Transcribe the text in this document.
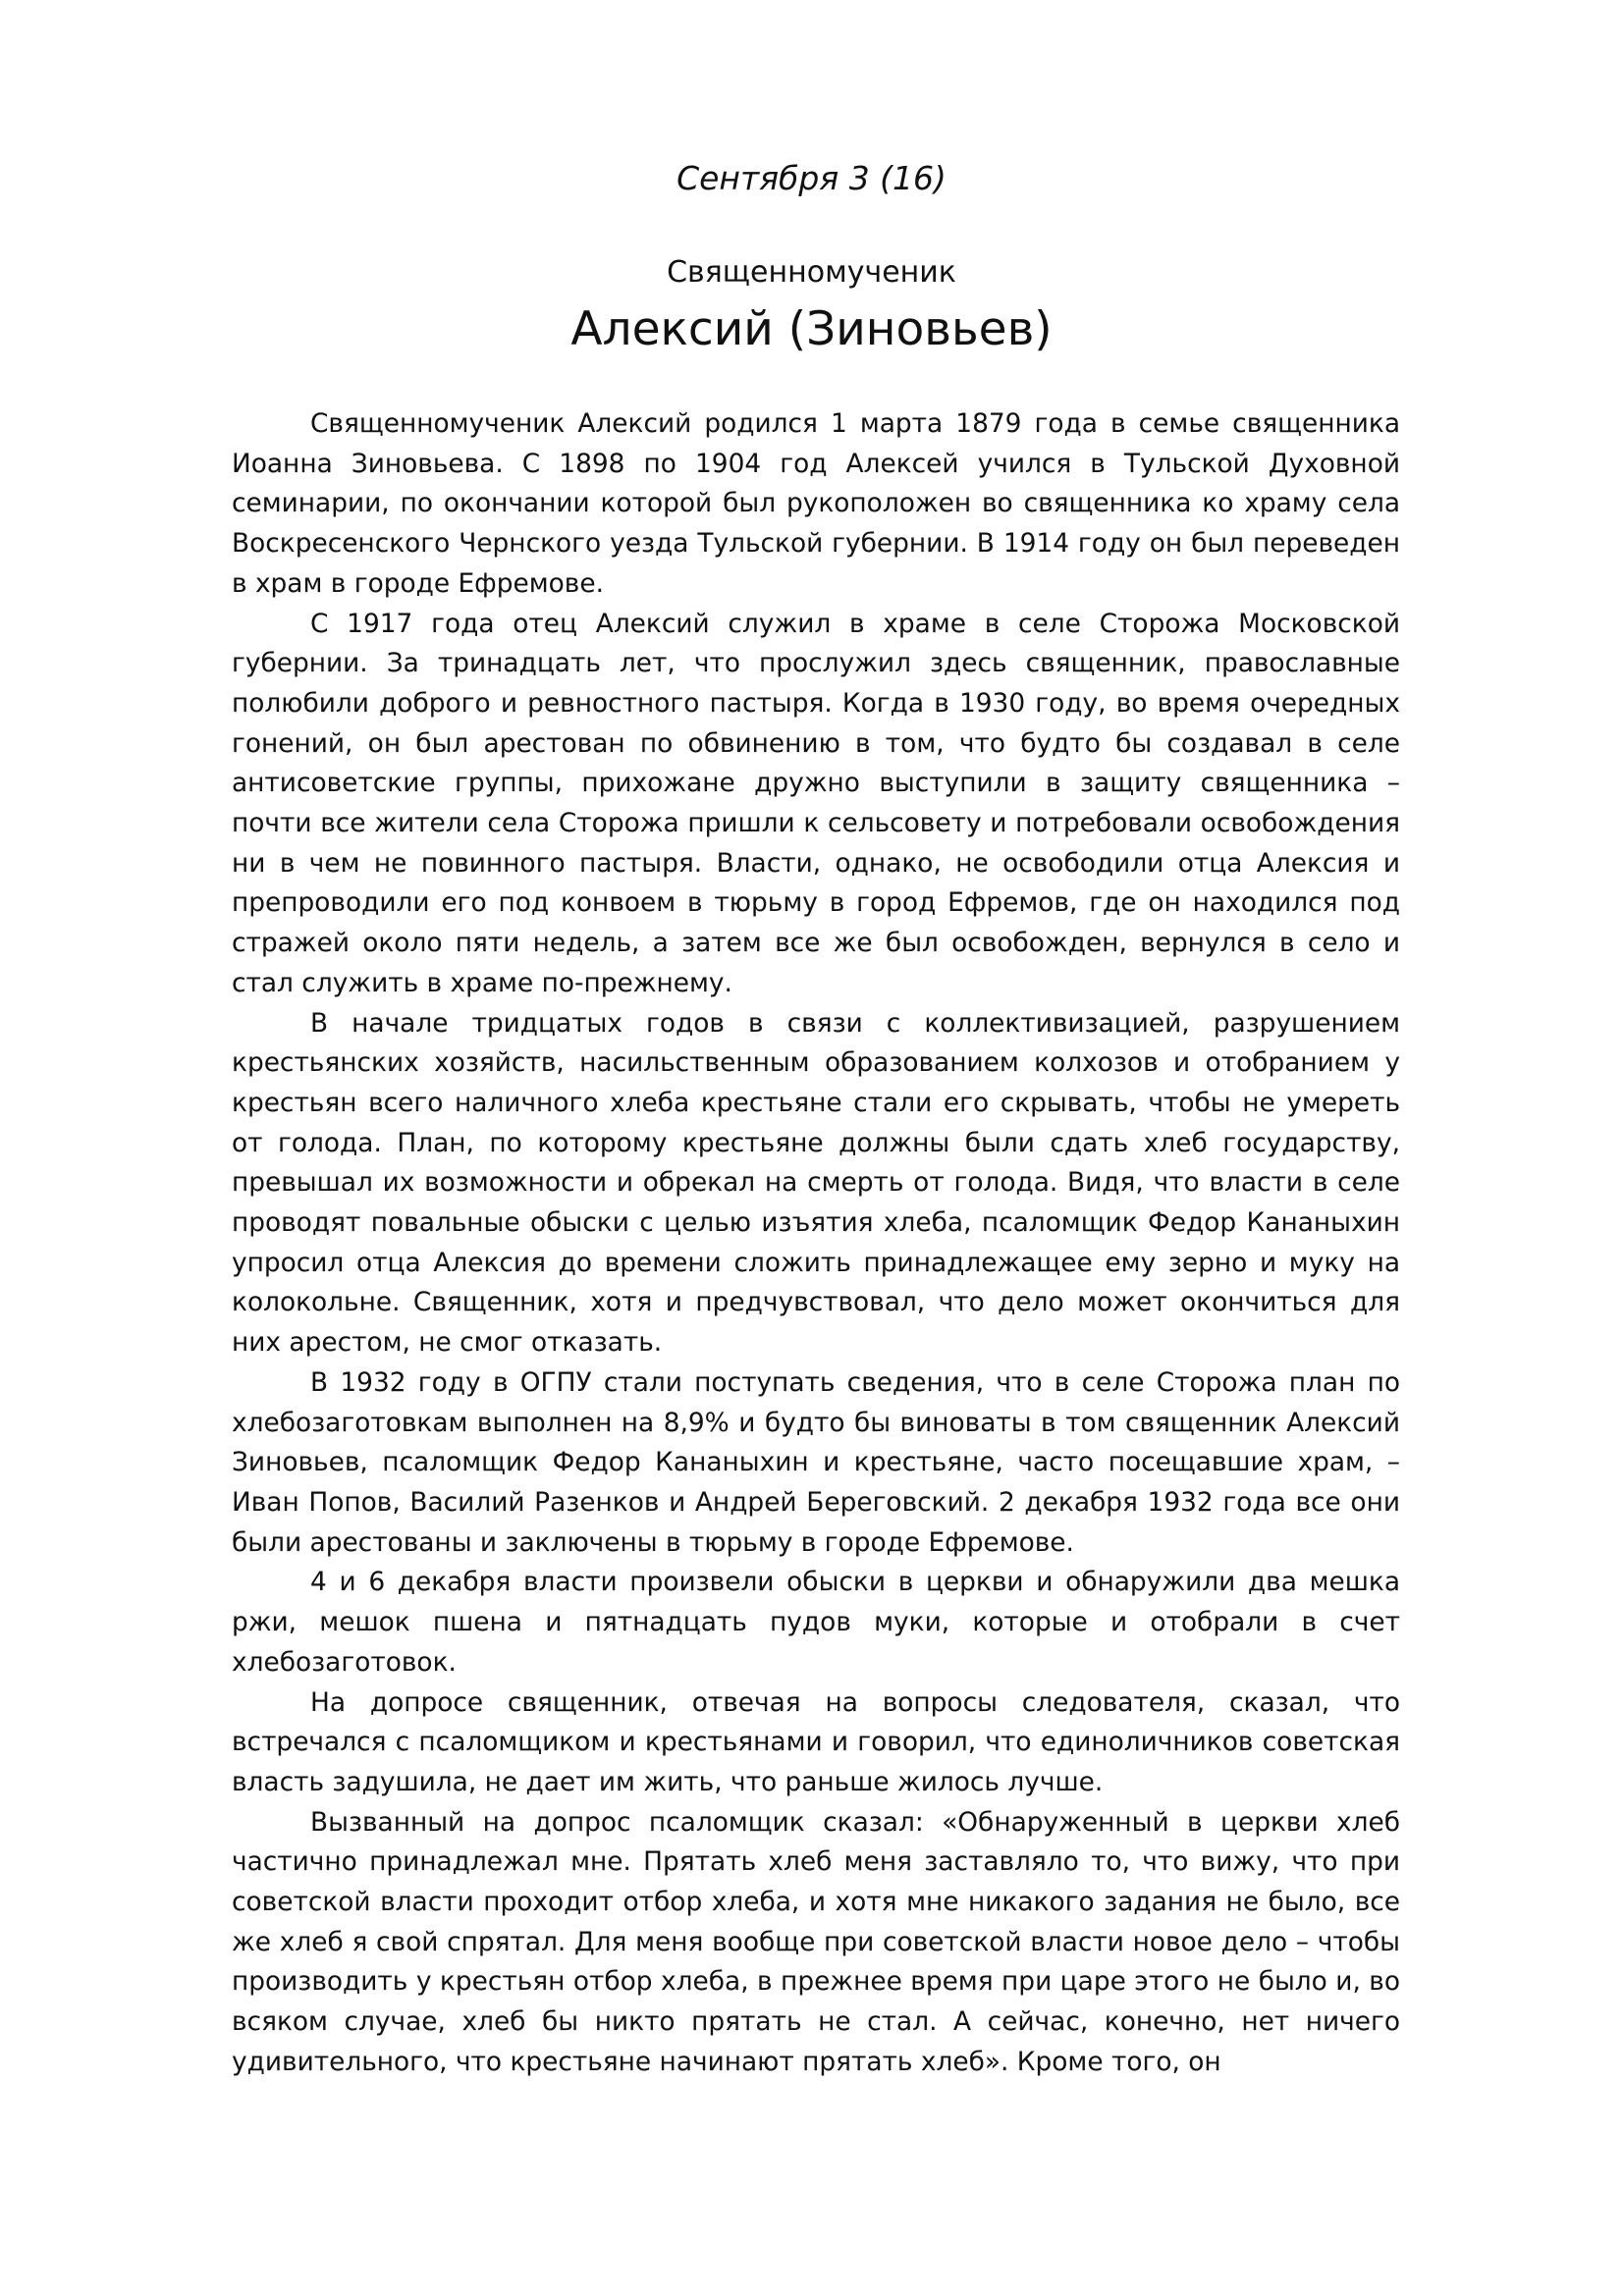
Сентября 3 (16)
Священномученик
Алексий (Зиновьев)

Священномученик Алексий родился 1 марта 1879 года в семье священника Иоанна Зиновьева. С 1898 по 1904 год Алексей учился в Тульской Духовной семинарии, по окончании которой был рукоположен во священника ко храму села Воскресенского Чернского уезда Тульской губернии. В 1914 году он был переведен в храм в городе Ефремове.

С 1917 года отец Алексий служил в храме в селе Сторожа Московской губернии. За тринадцать лет, что прослужил здесь священник, православные полюбили доброго и ревностного пастыря. Когда в 1930 году, во время очередных гонений, он был арестован по обвинению в том, что будто бы создавал в селе антисоветские группы, прихожане дружно выступили в защиту священника – почти все жители села Сторожа пришли к сельсовету и потребовали освобождения ни в чем не повинного пастыря. Власти, однако, не освободили отца Алексия и препроводили его под конвоем в тюрьму в город Ефремов, где он находился под стражей около пяти недель, а затем все же был освобожден, вернулся в село и стал служить в храме по-прежнему.

В начале тридцатых годов в связи с коллективизацией, разрушением крестьянских хозяйств, насильственным образованием колхозов и отобранием у крестьян всего наличного хлеба крестьяне стали его скрывать, чтобы не умереть от голода. План, по которому крестьяне должны были сдать хлеб государству, превышал их возможности и обрекал на смерть от голода. Видя, что власти в селе проводят повальные обыски с целью изъятия хлеба, псаломщик Федор Кананыхин упросил отца Алексия до времени сложить принадлежащее ему зерно и муку на колокольне. Священник, хотя и предчувствовал, что дело может окончиться для них арестом, не смог отказать.

В 1932 году в ОГПУ стали поступать сведения, что в селе Сторожа план по хлебозаготовкам выполнен на 8,9% и будто бы виноваты в том священник Алексий Зиновьев, псаломщик Федор Кананыхин и крестьяне, часто посещавшие храм, – Иван Попов, Василий Разенков и Андрей Береговский. 2 декабря 1932 года все они были арестованы и заключены в тюрьму в городе Ефремове.

4 и 6 декабря власти произвели обыски в церкви и обнаружили два мешка ржи, мешок пшена и пятнадцать пудов муки, которые и отобрали в счет хлебозаготовок.

На допросе священник, отвечая на вопросы следователя, сказал, что встречался с псаломщиком и крестьянами и говорил, что единоличников советская власть задушила, не дает им жить, что раньше жилось лучше.

Вызванный на допрос псаломщик сказал: «Обнаруженный в церкви хлеб частично принадлежал мне. Прятать хлеб меня заставляло то, что вижу, что при советской власти проходит отбор хлеба, и хотя мне никакого задания не было, все же хлеб я свой спрятал. Для меня вообще при советской власти новое дело – чтобы производить у крестьян отбор хлеба, в прежнее время при царе этого не было и, во всяком случае, хлеб бы никто прятать не стал. А сейчас, конечно, нет ничего удивительного, что крестьяне начинают прятать хлеб». Кроме того, он
